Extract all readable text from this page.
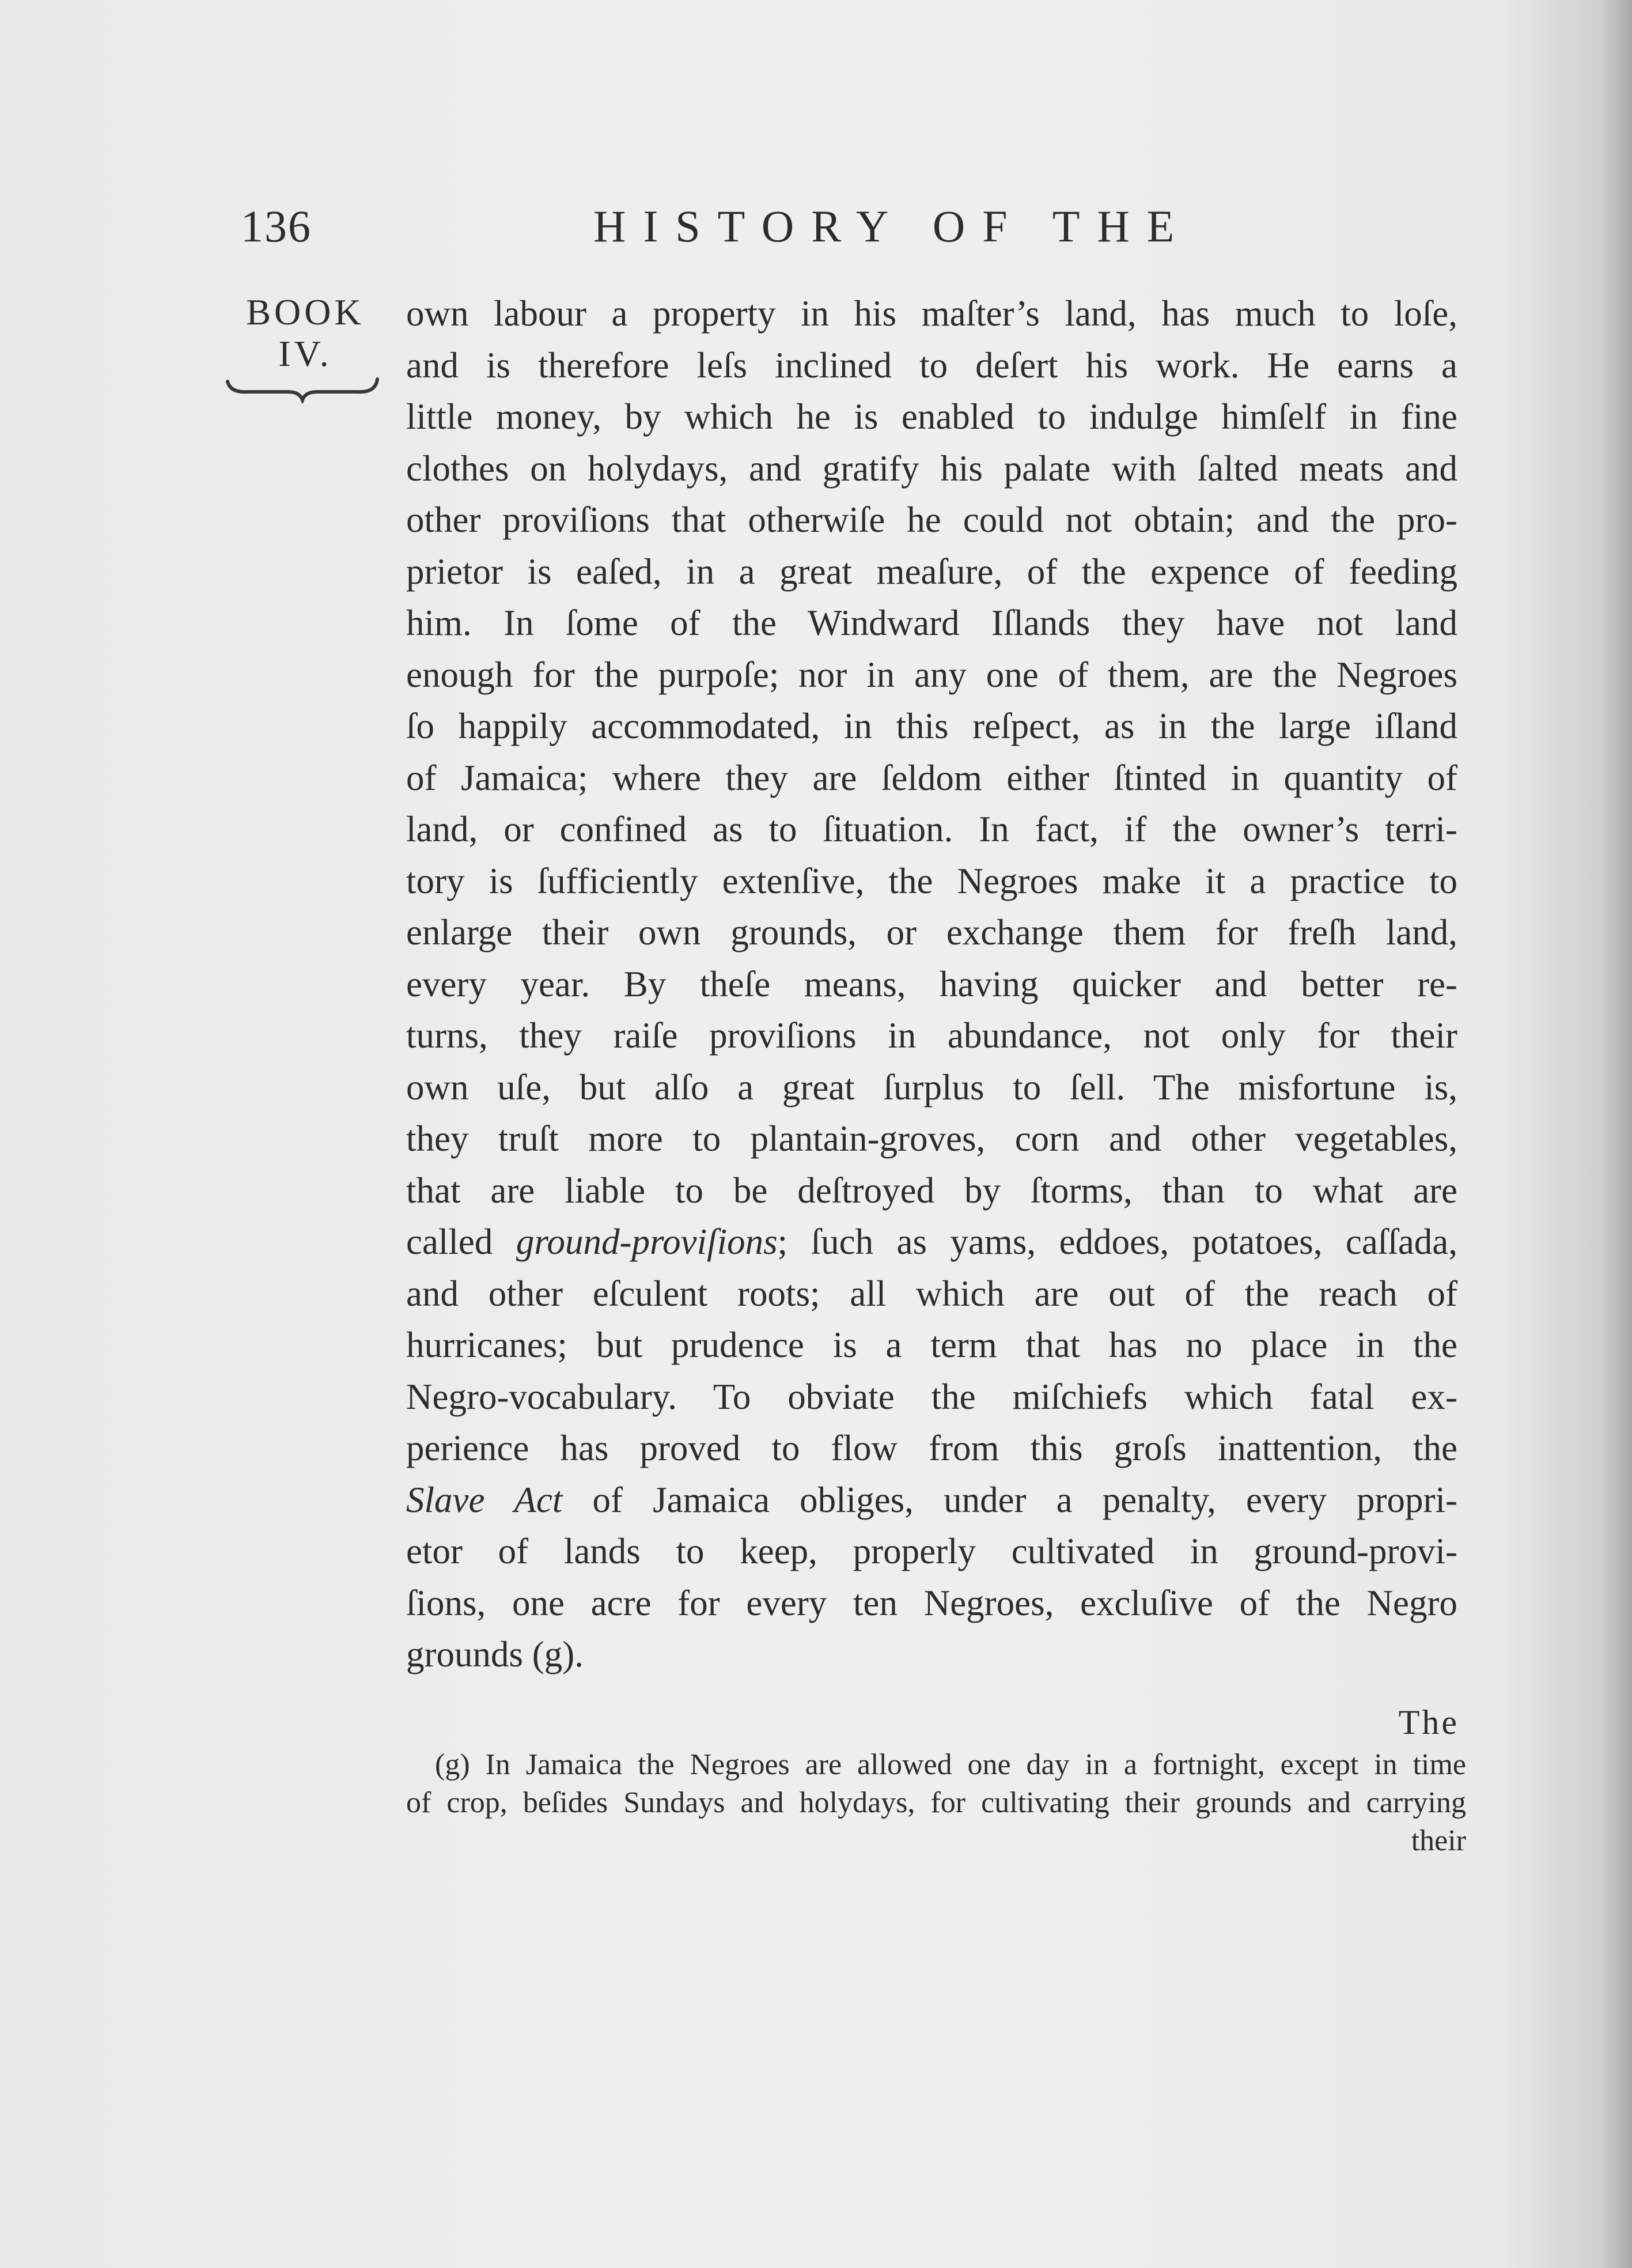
136	HISTORY OF THE
BOOK
IV.
own labour a property in his maſter’s land, has much to loſe,
and is therefore leſs inclined to deſert his work. He earns a
little money, by which he is enabled to indulge himſelf in fine
clothes on holydays, and gratify his palate with ſalted meats and
other proviſions that otherwiſe he could not obtain; and the pro-
prietor is eaſed, in a great meaſure, of the expence of feeding
him. In ſome of the Windward Iſlands they have not land
enough for the purpoſe; nor in any one of them, are the Negroes
ſo happily accommodated, in this reſpect, as in the large iſland
of Jamaica; where they are ſeldom either ſtinted in quantity of
land, or confined as to ſituation. In fact, if the owner’s terri-
tory is ſufficiently extenſive, the Negroes make it a practice to
enlarge their own grounds, or exchange them for freſh land,
every year. By theſe means, having quicker and better re-
turns, they raiſe proviſions in abundance, not only for their
own uſe, but alſo a great ſurplus to ſell. The misfortune is,
they truſt more to plantain-groves, corn and other vegetables,
that are liable to be deſtroyed by ſtorms, than to what are
called ground-proviſions; ſuch as yams, eddoes, potatoes, caſſada,
and other eſculent roots; all which are out of the reach of
hurricanes; but prudence is a term that has no place in the
Negro-vocabulary. To obviate the miſchiefs which fatal ex-
perience has proved to flow from this groſs inattention, the
Slave Act of Jamaica obliges, under a penalty, every propri-
etor of lands to keep, properly cultivated in ground-provi-
ſions, one acre for every ten Negroes, excluſive of the Negro
grounds (g).
The
(g) In Jamaica the Negroes are allowed one day in a fortnight, except in time
of crop, beſides Sundays and holydays, for cultivating their grounds and carrying
their
